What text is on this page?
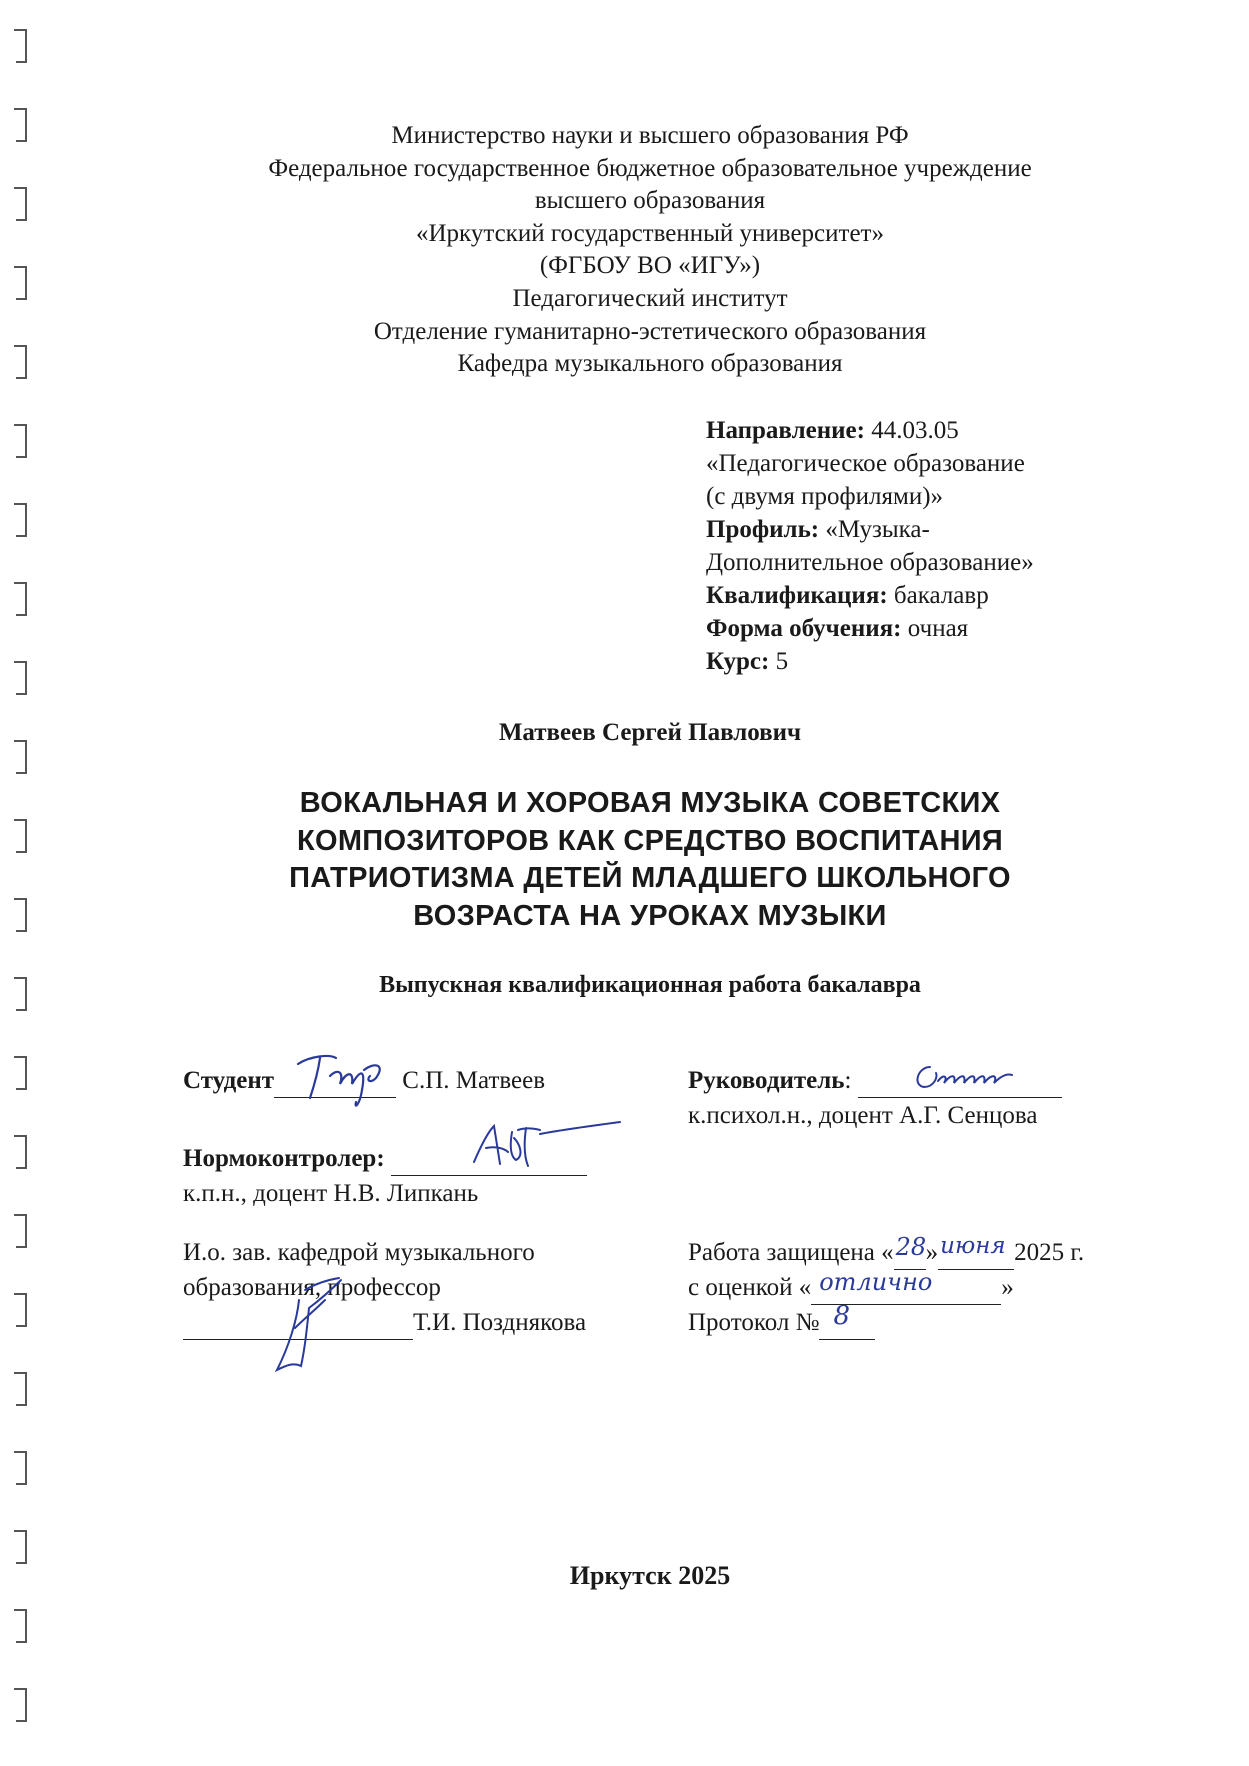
Министерство науки и высшего образования РФ
Федеральное государственное бюджетное образовательное учреждение
высшего образования
«Иркутский государственный университет»
(ФГБОУ ВО «ИГУ»)
Педагогический институт
Отделение гуманитарно-эстетического образования
Кафедра музыкального образования
Направление: 44.03.05
«Педагогическое образование
(с двумя профилями)»
Профиль: «Музыка-
Дополнительное образование»
Квалификация: бакалавр
Форма обучения: очная
Курс: 5
Матвеев Сергей Павлович
ВОКАЛЬНАЯ И ХОРОВАЯ МУЗЫКА СОВЕТСКИХ
КОМПОЗИТОРОВ КАК СРЕДСТВО ВОСПИТАНИЯ
ПАТРИОТИЗМА ДЕТЕЙ МЛАДШЕГО ШКОЛЬНОГО
ВОЗРАСТА НА УРОКАХ МУЗЫКИ
Выпускная квалификационная работа бакалавра
Студент	С.П. Матвеев	Руководитель:
к.психол.н., доцент А.Г. Сенцова
Нормоконтролер:
к.п.н., доцент Н.В. Липкань
И.о. зав. кафедрой музыкального
образования, профессор
Т.И. Позднякова
Работа защищена « 28 » июня 2025 г.
с оценкой « отлично	»
Протокол № 8

Иркутск 2025
